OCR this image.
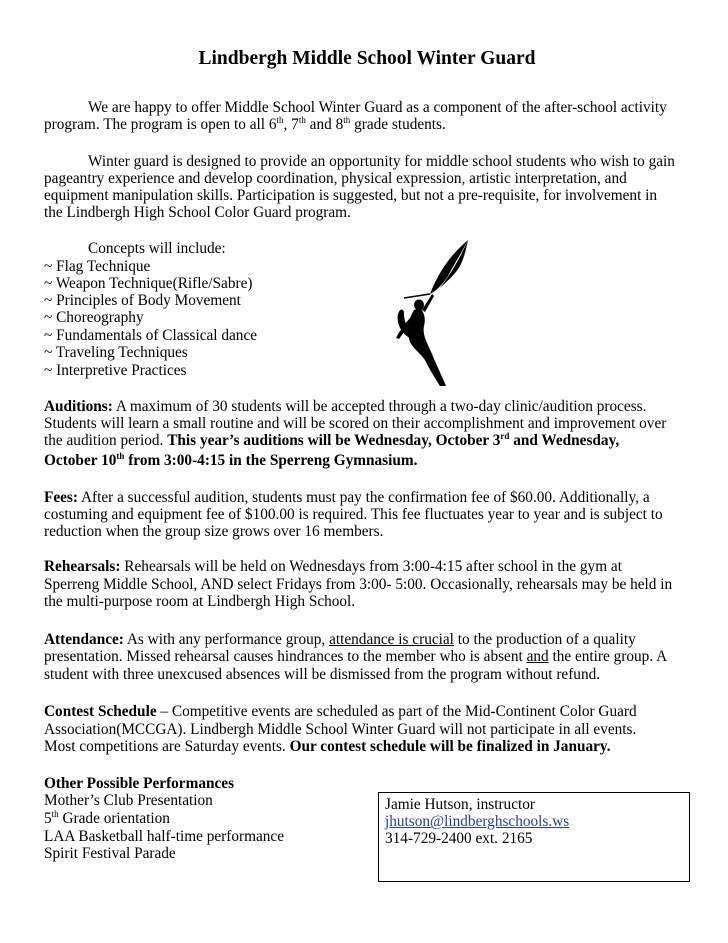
Lindbergh Middle School Winter Guard
We are happy to offer Middle School Winter Guard as a component of the after-school activity
program. The program is open to all 6th, 7th and 8th grade students.
Winter guard is designed to provide an opportunity for middle school students who wish to gain
pageantry experience and develop coordination, physical expression, artistic interpretation, and
equipment manipulation skills. Participation is suggested, but not a pre-requisite, for involvement in
the Lindbergh High School Color Guard program.
Concepts will include:
~ Flag Technique
~ Weapon Technique(Rifle/Sabre)
~ Principles of Body Movement
~ Choreography
~ Fundamentals of Classical dance
~ Traveling Techniques
~ Interpretive Practices
Auditions: A maximum of 30 students will be accepted through a two-day clinic/audition process.
Students will learn a small routine and will be scored on their accomplishment and improvement over
the audition period. This year’s auditions will be Wednesday, October 3rd and Wednesday,
October 10th from 3:00-4:15 in the Sperreng Gymnasium.
Fees: After a successful audition, students must pay the confirmation fee of $60.00. Additionally, a
costuming and equipment fee of $100.00 is required. This fee fluctuates year to year and is subject to
reduction when the group size grows over 16 members.
Rehearsals: Rehearsals will be held on Wednesdays from 3:00-4:15 after school in the gym at
Sperreng Middle School, AND select Fridays from 3:00- 5:00. Occasionally, rehearsals may be held in
the multi-purpose room at Lindbergh High School.
Attendance: As with any performance group, attendance is crucial to the production of a quality
presentation. Missed rehearsal causes hindrances to the member who is absent and the entire group. A
student with three unexcused absences will be dismissed from the program without refund.
Contest Schedule – Competitive events are scheduled as part of the Mid-Continent Color Guard
Association(MCCGA). Lindbergh Middle School Winter Guard will not participate in all events.
Most competitions are Saturday events. Our contest schedule will be finalized in January.
Other Possible Performances
Mother’s Club Presentation
5th Grade orientation
LAA Basketball half-time performance
Spirit Festival Parade
Jamie Hutson, instructor
jhutson@lindberghschools.ws
314-729-2400 ext. 2165
